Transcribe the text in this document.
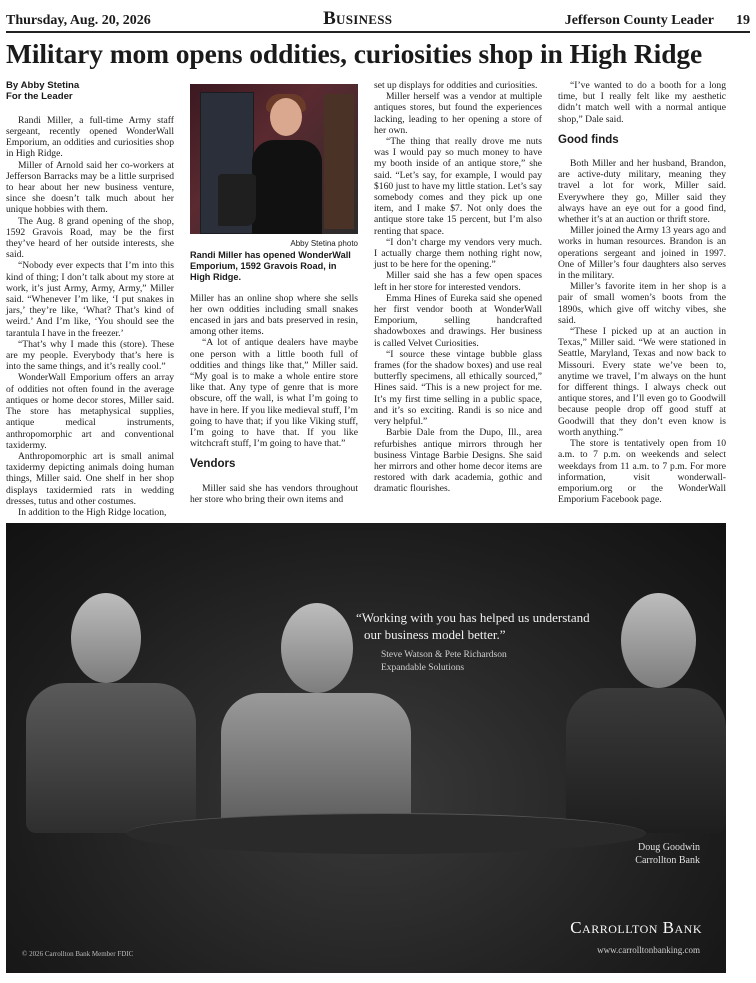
Thursday, Aug. 20, 2026	Business	Jefferson County Leader 19
Military mom opens oddities, curiosities shop in High Ridge
By Abby Stetina
For the Leader

Randi Miller, a full-time Army staff sergeant, recently opened WonderWall Emporium, an oddities and curiosities shop in High Ridge.

Miller of Arnold said her co-workers at Jefferson Barracks may be a little surprised to hear about her new business venture, since she doesn’t talk much about her unique hobbies with them.

The Aug. 8 grand opening of the shop, 1592 Gravois Road, may be the first they’ve heard of her outside interests, she said.

“Nobody ever expects that I’m into this kind of thing; I don’t talk about my store at work, it’s just Army, Army, Army,” Miller said. “Whenever I’m like, ‘I put snakes in jars,’ they’re like, ‘What? That’s kind of weird.’ And I’m like, ‘You should see the tarantula I have in the freezer.’

“That’s why I made this (store). These are my people. Everybody that’s here is into the same things, and it’s really cool.”

WonderWall Emporium offers an array of oddities not often found in the average antiques or home decor stores, Miller said. The store has metaphysical supplies, antique medical instruments, anthropomorphic art and conventional taxidermy.

Anthropomorphic art is small animal taxidermy depicting animals doing human things, Miller said. One shelf in her shop displays taxidermied rats in wedding dresses, tutus and other costumes.

In addition to the High Ridge location,

Abby Stetina photo
Randi Miller has opened WonderWall Emporium, 1592 Gravois Road, in High Ridge.

Miller has an online shop where she sells her own oddities including small snakes encased in jars and bats preserved in resin, among other items.

“A lot of antique dealers have maybe one person with a little booth full of oddities and things like that,” Miller said. “My goal is to make a whole entire store like that. Any type of genre that is more obscure, off the wall, is what I’m going to have in here. If you like medieval stuff, I’m going to have that; if you like Viking stuff, I’m going to have that. If you like witchcraft stuff, I’m going to have that.”

Vendors

Miller said she has vendors throughout her store who bring their own items and

set up displays for oddities and curiosities.

Miller herself was a vendor at multiple antiques stores, but found the experiences lacking, leading to her opening a store of her own.

“The thing that really drove me nuts was I would pay so much money to have my booth inside of an antique store,” she said. “Let’s say, for example, I would pay $160 just to have my little station. Let’s say somebody comes and they pick up one item, and I make $7. Not only does the antique store take 15 percent, but I’m also renting that space.

“I don’t charge my vendors very much. I actually charge them nothing right now, just to be here for the opening.”

Miller said she has a few open spaces left in her store for interested vendors.

Emma Hines of Eureka said she opened her first vendor booth at WonderWall Emporium, selling handcrafted shadowboxes and drawings. Her business is called Velvet Curiosities.

“I source these vintage bubble glass frames (for the shadow boxes) and use real butterfly specimens, all ethically sourced,” Hines said. “This is a new project for me. It’s my first time selling in a public space, and it’s so exciting. Randi is so nice and very helpful.”

Barbie Dale from the Dupo, Ill., area refurbishes antique mirrors through her business Vintage Barbie Designs. She said her mirrors and other home decor items are restored with dark academia, gothic and dramatic flourishes.

“I’ve wanted to do a booth for a long time, but I really felt like my aesthetic didn’t match well with a normal antique shop,” Dale said.

Good finds

Both Miller and her husband, Brandon, are active-duty military, meaning they travel a lot for work, Miller said. Everywhere they go, Miller said they always have an eye out for a good find, whether it’s at an auction or thrift store.

Miller joined the Army 13 years ago and works in human resources. Brandon is an operations sergeant and joined in 1997. One of Miller’s four daughters also serves in the military.

Miller’s favorite item in her shop is a pair of small women’s boots from the 1890s, which give off witchy vibes, she said.

“These I picked up at an auction in Texas,” Miller said. “We were stationed in Seattle, Maryland, Texas and now back to Missouri. Every state we’ve been to, anytime we travel, I’m always on the hunt for different things. I always check out antique stores, and I’ll even go to Goodwill because people drop off good stuff at Goodwill that they don’t even know is worth anything.”

The store is tentatively open from 10 a.m. to 7 p.m. on weekends and select weekdays from 11 a.m. to 7 p.m. For more information, visit wonderwall-emporium.org or the WonderWall Emporium Facebook page.

“Working with you has helped us understand
our business model better.”
Steve Watson & Pete Richardson
Expandable Solutions
Doug Goodwin
Carrollton Bank
Carrollton Bank
www.carrolltonbanking.com
© 2026 Carrollton Bank Member FDIC
